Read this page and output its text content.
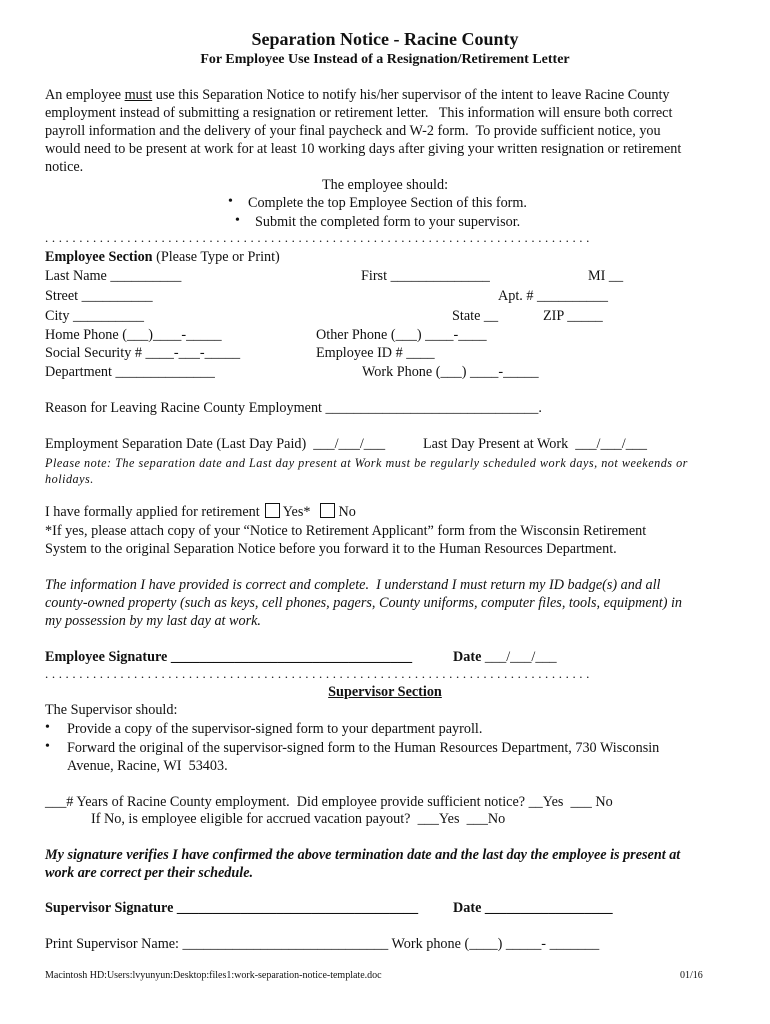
Separation Notice - Racine County
For Employee Use Instead of a Resignation/Retirement Letter
An employee must use this Separation Notice to notify his/her supervisor of the intent to leave Racine County
employment instead of submitting a resignation or retirement letter.   This information will ensure both correct
payroll information and the delivery of your final paycheck and W-2 form.  To provide sufficient notice, you
would need to be present at work for at least 10 working days after giving your written resignation or retirement
notice.
The employee should:
• Complete the top Employee Section of this form.
• Submit the completed form to your supervisor.
................................................................................
Employee Section (Please Type or Print)
Last Name __________	First ______________	MI __
Street __________	Apt. # __________
City __________	State __	ZIP _____
Home Phone (___)____-_____	Other Phone (___) ____-____
Social Security # ____-___-_____	Employee ID # ____
Department ______________	Work Phone (___) ____-_____
Reason for Leaving Racine County Employment ______________________________.
Employment Separation Date (Last Day Paid)  ___/___/___	Last Day Present at Work  ___/___/___
Please note: The separation date and Last day present at Work must be regularly scheduled work days, not weekends or
holidays.
I have formally applied for retirement Yes* No
*If yes, please attach copy of your “Notice to Retirement Applicant” form from the Wisconsin Retirement
System to the original Separation Notice before you forward it to the Human Resources Department.
The information I have provided is correct and complete.  I understand I must return my ID badge(s) and all
county-owned property (such as keys, cell phones, pagers, County uniforms, computer files, tools, equipment) in
my possession by my last day at work.
Employee Signature __________________________________	Date ___/___/___
................................................................................
Supervisor Section
The Supervisor should:
• Provide a copy of the supervisor-signed form to your department payroll.
• Forward the original of the supervisor-signed form to the Human Resources Department, 730 Wisconsin
Avenue, Racine, WI  53403.
___# Years of Racine County employment.  Did employee provide sufficient notice? __Yes  ___ No
If No, is employee eligible for accrued vacation payout?  ___Yes  ___No
My signature verifies I have confirmed the above termination date and the last day the employee is present at
work are correct per their schedule.
Supervisor Signature __________________________________ Date __________________
Print Supervisor Name: _____________________________ Work phone (____) _____- _______
Macintosh HD:Users:lvyunyun:Desktop:files1:work-separation-notice-template.doc	01/16
